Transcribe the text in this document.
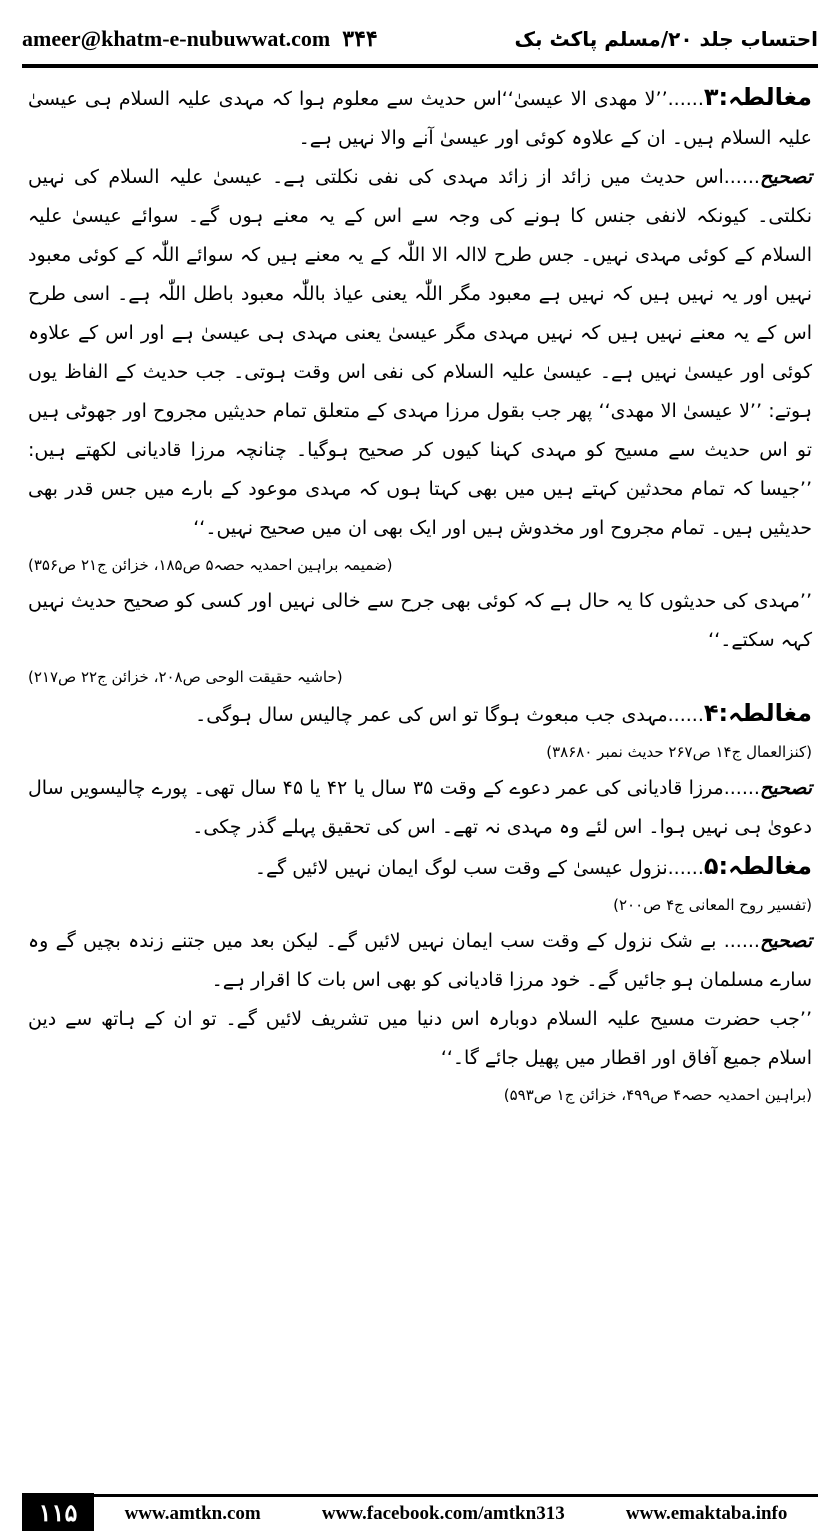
ameer@khatm-e-nubuwwat.com ۳۴۴	احتساب جلد ۲۰/مسلم پاکٹ بک

مغالطہ:۳......’’لا مھدی الا عیسیٰ‘‘اس حدیث سے معلوم ہوا کہ مہدی علیہ السلام ہی عیسیٰ علیہ السلام ہیں۔ ان کے علاوہ کوئی اور عیسیٰ آنے والا نہیں ہے۔

تصحیح......اس حدیث میں زائد از زائد مہدی کی نفی نکلتی ہے۔ عیسیٰ علیہ السلام کی نہیں نکلتی۔ کیونکہ لانفی جنس کا ہونے کی وجہ سے اس کے یہ معنے ہوں گے۔ سوائے عیسیٰ علیہ السلام کے کوئی مہدی نہیں۔ جس طرح لاالہ الا اللّٰہ کے یہ معنے ہیں کہ سوائے اللّٰہ کے کوئی معبود نہیں اور یہ نہیں ہیں کہ نہیں ہے معبود مگر اللّٰہ یعنی عیاذ باللّٰہ معبود باطل اللّٰہ ہے۔ اسی طرح اس کے یہ معنے نہیں ہیں کہ نہیں مہدی مگر عیسیٰ یعنی مہدی ہی عیسیٰ ہے اور اس کے علاوہ کوئی اور عیسیٰ نہیں ہے۔ عیسیٰ علیہ السلام کی نفی اس وقت ہوتی۔ جب حدیث کے الفاظ یوں ہوتے: ’’لا عیسیٰ الا مھدی‘‘ پھر جب بقول مرزا مہدی کے متعلق تمام حدیثیں مجروح اور جھوٹی ہیں تو اس حدیث سے مسیح کو مہدی کہنا کیوں کر صحیح ہوگیا۔ چنانچہ مرزا قادیانی لکھتے ہیں: ’’جیسا کہ تمام محدثین کہتے ہیں میں بھی کہتا ہوں کہ مہدی موعود کے بارے میں جس قدر بھی حدیثیں ہیں۔ تمام مجروح اور مخدوش ہیں اور ایک بھی ان میں صحیح نہیں۔‘‘

(ضمیمہ براہین احمدیہ حصہ۵ ص۱۸۵، خزائن ج۲۱ ص۳۵۶)

’’مہدی کی حدیثوں کا یہ حال ہے کہ کوئی بھی جرح سے خالی نہیں اور کسی کو صحیح حدیث نہیں کہہ سکتے۔‘‘

(حاشیہ حقیقت الوحی ص۲۰۸، خزائن ج۲۲ ص۲۱۷)

مغالطہ:۴......مہدی جب مبعوث ہوگا تو اس کی عمر چالیس سال ہوگی۔

(کنزالعمال ج۱۴ ص۲۶۷ حدیث نمبر ۳۸۶۸۰)

تصحیح......مرزا قادیانی کی عمر دعوے کے وقت ۳۵ سال یا ۴۲ یا ۴۵ سال تھی۔ پورے چالیسویں سال دعویٰ ہی نہیں ہوا۔ اس لئے وہ مہدی نہ تھے۔ اس کی تحقیق پہلے گذر چکی۔

مغالطہ:۵......نزول عیسیٰ کے وقت سب لوگ ایمان نہیں لائیں گے۔

(تفسیر روح المعانی ج۴ ص۲۰۰)

تصحیح...... بے شک نزول کے وقت سب ایمان نہیں لائیں گے۔ لیکن بعد میں جتنے زندہ بچیں گے وہ سارے مسلمان ہو جائیں گے۔ خود مرزا قادیانی کو بھی اس بات کا اقرار ہے۔

’’جب حضرت مسیح علیہ السلام دوبارہ اس دنیا میں تشریف لائیں گے۔ تو ان کے ہاتھ سے دین اسلام جمیع آفاق اور اقطار میں پھیل جائے گا۔‘‘

(براہین احمدیہ حصہ۴ ص۴۹۹، خزائن ج۱ ص۵۹۳)

۱۱۵	www.amtkn.com	www.facebook.com/amtkn313	www.emaktaba.info
